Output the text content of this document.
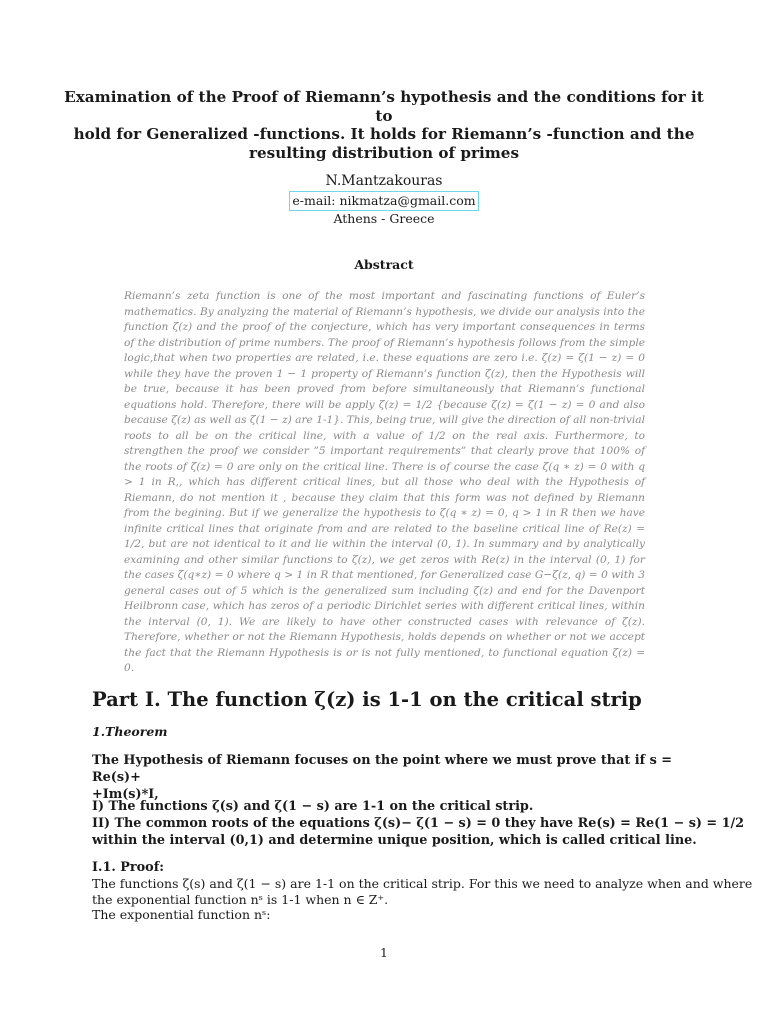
Examination of the Proof of Riemann’s hypothesis and the conditions for it to
hold for Generalized -functions. It holds for Riemann’s -function and the
resulting distribution of primes
N.Mantzakouras
e-mail: nikmatza@gmail.com
Athens - Greece
Abstract

Riemann’s zeta function is one of the most important and fascinating functions of Euler’s mathematics. By analyzing the material of Riemann’s hypothesis, we divide our analysis into the function ζ(z) and the proof of the conjecture, which has very important consequences in terms of the distribution of prime numbers. The proof of Riemann’s hypothesis follows from the simple logic,that when two properties are related, i.e. these equations are zero i.e. ζ(z) = ζ(1 − z) = 0 while they have the proven 1 − 1 property of Riemann’s function ζ(z), then the Hypothesis will be true, because it has been proved from before simultaneously that Riemann’s functional equations hold. Therefore, there will be apply ζ(z) = 1/2 {because ζ(z) = ζ(1 − z) = 0 and also because ζ(z) as well as ζ(1 − z) are 1-1}. This, being true, will give the direction of all non-trivial roots to all be on the critical line, with a value of 1/2 on the real axis. Furthermore, to strengthen the proof we consider ”5 important requirements” that clearly prove that 100% of the roots of ζ(z) = 0 are only on the critical line. There is of course the case ζ(q ∗ z) = 0 with q > 1 in R,, which has different critical lines, but all those who deal with the Hypothesis of Riemann, do not mention it , because they claim that this form was not defined by Riemann from the begining. But if we generalize the hypothesis to ζ(q ∗ z) = 0, q > 1 in R then we have infinite critical lines that originate from and are related to the baseline critical line of Re(z) = 1/2, but are not identical to it and lie within the interval (0, 1). In summary and by analytically examining and other similar functions to ζ(z), we get zeros with Re(z) in the interval (0, 1) for the cases ζ(q∗z) = 0 where q > 1 in R that mentioned, for Generalized case G−ζ(z, q) = 0 with 3 general cases out of 5 which is the generalized sum including ζ(z) and end for the Davenport Heilbronn case, which has zeros of a periodic Dirichlet series with different critical lines, within the interval (0, 1). We are likely to have other constructed cases with relevance of ζ(z). Therefore, whether or not the Riemann Hypothesis, holds depends on whether or not we accept the fact that the Riemann Hypothesis is or is not fully mentioned, to functional equation ζ(z) = 0.

Part I. The function ζ(z) is 1-1 on the critical strip
1.Theorem
The Hypothesis of Riemann focuses on the point where we must prove that if s = Re(s)+
+Im(s)*I,
I) The functions ζ(s) and ζ(1 − s) are 1-1 on the critical strip.
II) The common roots of the equations ζ(s)− ζ(1 − s) = 0 they have Re(s) = Re(1 − s) = 1/2
within the interval (0,1) and determine unique position, which is called critical line.
I.1. Proof:
The functions ζ(s) and ζ(1 − s) are 1-1 on the critical strip. For this we need to analyze when and where
the exponential function nˢ is 1-1 when n ∈ Z⁺.
The exponential function nˢ:
1
